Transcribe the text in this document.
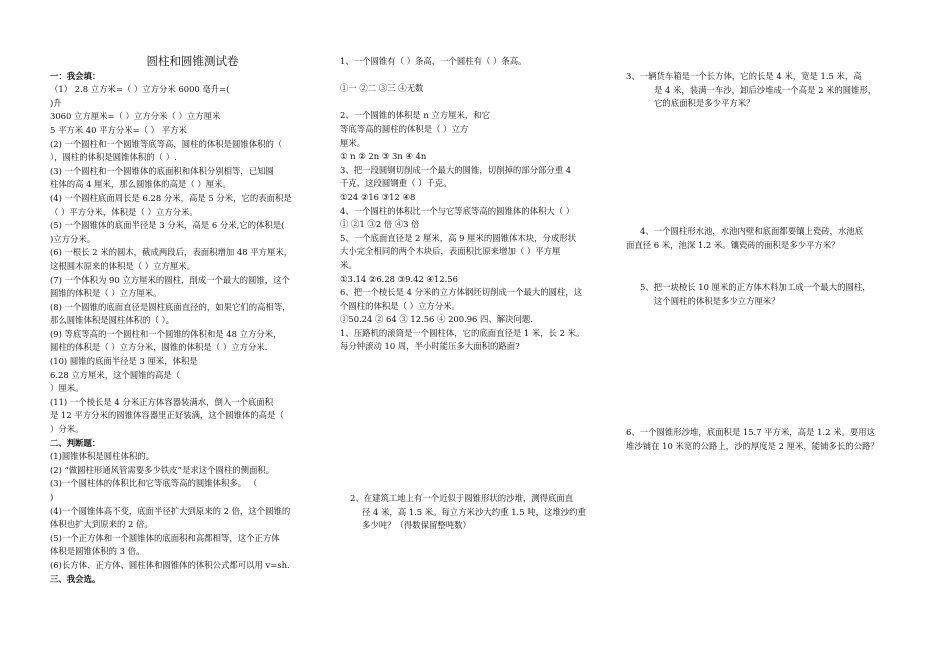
圆柱和圆锥测试卷

一：我会填：

（1） 2.8 立方米=（ ）立方分米 6000 毫升=(

)升

3060 立方厘米=（ ）立方分米（ ）立方厘米

5 平方米 40 平方分米=（ ） 平方米

(2) 一个圆柱和一个圆锥等底等高，圆柱的体积是圆锥体积的（

），圆柱的体积是圆锥体积的（ ）.

(3) 一个圆柱和一个圆锥体的底面积和体积分别相等，已知圆

柱体的高 4 厘米，那么圆锥体的高是（ ）厘米。

(4) 一个圆柱底面周长是 6.28 分米，高是 5 分米，它的表面积是

（ ）平方分米，体积是（ ）立方分米。

(5) 一个圆锥体的底面半径是 3 分米，高是 6 分米,它的体积是(

)立方分米。

(6) 一根长 2 米的圆木，截成两段后，表面积增加 48 平方厘米，

这根圆木原来的体积是（ ）立方厘米。

(7) 一个体积为 90 立方厘米的圆柱，削成一个最大的圆锥，这个

圆锥的体积是（ ）立方厘米。

(8) 一个圆锥的底面直径是圆柱底面直径的，如果它们的高相等，

那么圆锥体积是圆柱体积的（ ）。

(9) 等底等高的一个圆柱和一个圆锥的体积和是 48 立方分米，

圆柱的体积是（ ）立方分米，圆锥的体积是（ ）立方分米.

(10) 圆锥的底面半径是 3 厘米，体积是

6.28 立方厘米，这个圆锥的高是（

）厘米。

(11) 一个棱长是 4 分米正方体容器装满水，倒入一个底面积

是 12 平方分米的圆锥体容器里正好装满，这个圆锥体的高是（

）分米。

二、判断题：

(1)圆锥体积是圆柱体积的。

(2) “做圆柱形通风管需要多少铁皮”是求这个圆柱的侧面积。

(3)一个圆柱体的体积比和它等底等高的圆锥体积多。 （

)

(4)一个圆锥体高不变，底面半径扩大到原来的 2 倍，这个圆锥的

体积也扩大到原来的 2 倍。

(5)一个正方体和一个圆锥体的底面积和高都相等，这个正方体

体积是圆锥体积的 3 倍。

(6)长方体、正方体、圆柱体和圆锥体的体积公式都可以用 v=sh.

三、我会选。

1、一个圆锥有（ ）条高，一个圆柱有（ ）条高。

①一 ②二 ③三 ④无数

2、一个圆锥的体积是 n 立方厘米，和它

等底等高的圆柱的体积是（ ）立方

厘米。

① n ② 2n ③ 3n ④ 4n

3、把一段圆钢切削成一个最大的圆锥，切削掉的部分部分重 4

千克，这段圆钢重（ ）千克。

①24 ②16 ③12 ④8

4、一个圆柱的体积比一个与它等底等高的圆锥体的体积大（ ）

① ②1 ③2 倍 ④3 倍

5、一个底面直径是 2 厘米，高 9 厘米的圆锥体木块，分成形状

大小完全相同的两个木块后，表面积比原来增加（ ）平方厘

米。

①3.14 ②6.28 ③9.42 ④12.56

6、把一个棱长是 4 分米的立方体钢坯切削成一个最大的圆柱，这

个圆柱的体积是（ ）立方分米。

①50.24 ② 64 ③ 12.56 ④ 200.96 四、解决问题.

1、压路机的滚筒是一个圆柱体，它的底面直径是 1 米，长 2 米。

每分钟滚动 10 周，半小时能压多大面积的路面?

2、在建筑工地上有一个近似于圆锥形状的沙堆，测得底面直

径 4 米，高 1.5 米。每立方米沙大约重 1.5 吨，这堆沙约重

多少吨？（得数保留整吨数）

3、一辆货车箱是一个长方体，它的长是 4 米，宽是 1.5 米，高

是 4 米，装满一车沙，卸后沙堆成一个高是 2 米的圆锥形，

它的底面积是多少平方米？

4、一个圆柱形水池，水池内壁和底面都要镶上瓷砖，水池底

面直径 6 米，池深 1.2 米。镶瓷砖的面积是多少平方米？

5、把一块棱长 10 厘米的正方体木料加工成一个最大的圆柱，

这个圆柱的体积是多少立方厘米？

6、一个圆锥形沙堆，底面积是 15.7 平方米，高是 1.2 米。要用这

堆沙铺在 10 米宽的公路上，沙的厚度是 2 厘米，能铺多长的公路？
